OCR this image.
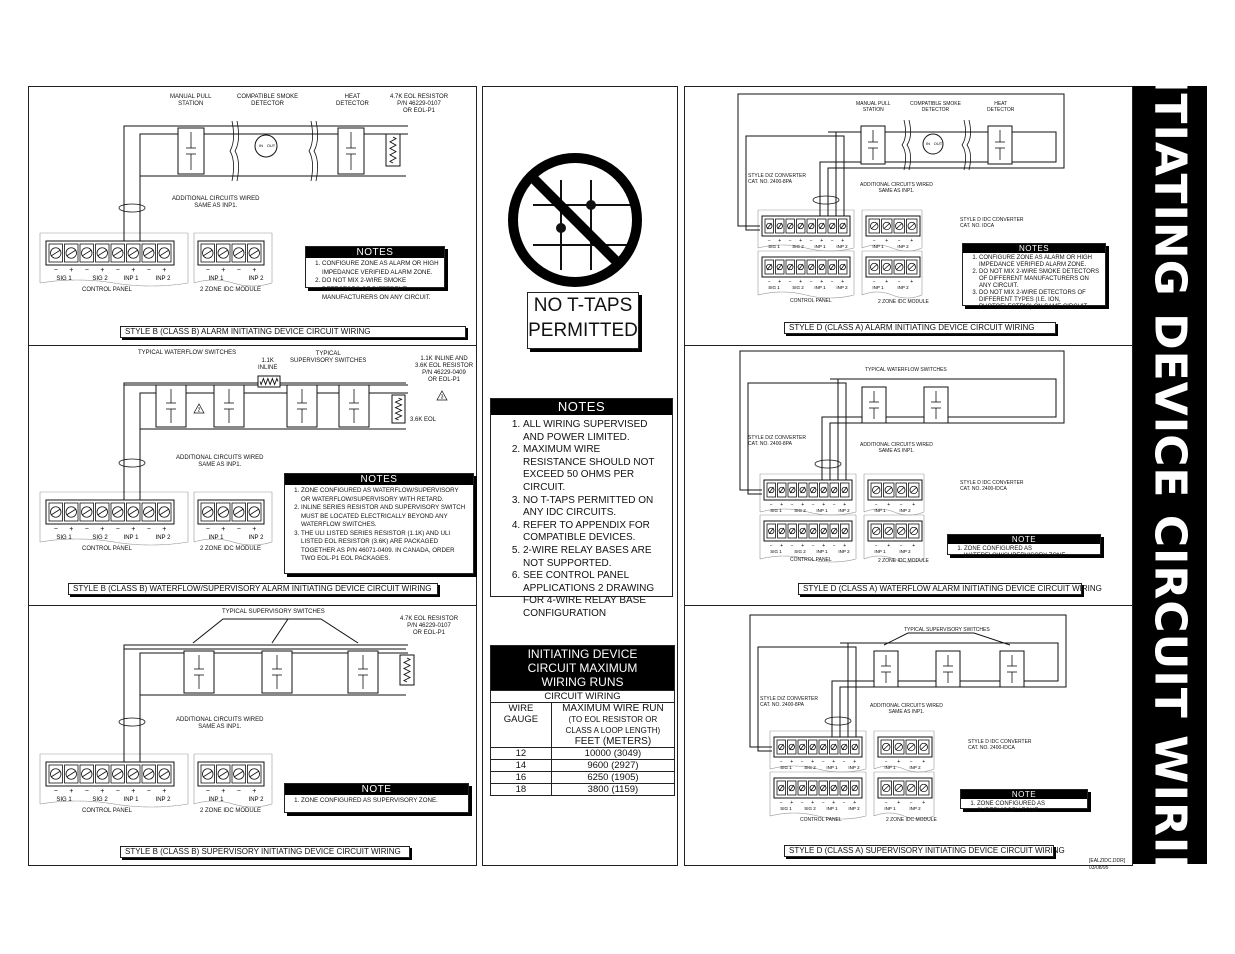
INITIATING DEVICE CIRCUIT WIRING
[EALZIDC.DDR]
03/08/95
NO T-TAPS
PERMITTED
NOTES
1. ALL WIRING SUPERVISED AND POWER LIMITED.
2. MAXIMUM WIRE RESISTANCE SHOULD NOT EXCEED 50 OHMS PER CIRCUIT.
3. NO T-TAPS PERMITTED ON ANY IDC CIRCUITS.
4. REFER TO APPENDIX FOR COMPATIBLE DEVICES.
5. 2-WIRE RELAY BASES ARE NOT SUPPORTED.
6. SEE CONTROL PANEL APPLICATIONS 2 DRAWING FOR 4-WIRE RELAY BASE CONFIGURATION
INITIATING DEVICE CIRCUIT MAXIMUM WIRING RUNS
CIRCUIT WIRING	
WIRE GAUGE	MAXIMUM WIRE RUN
(TO EOL RESISTOR OR
CLASS A LOOP LENGTH)
FEET (METERS)

12	10000 (3049)
14	9600 (2927)
16	6250 (1905)
18	3800 (1159)
− + − + − + − +	− + − +
SIG 1	SIG 2	INP 1	INP 2	INP 1	INP 2
IN OUT
ADDITIONAL CIRCUITS WIRED
SAME AS INP1.
CONTROL PANEL	2 ZONE IDC MODULE
MANUAL PULL
STATION
COMPATIBLE SMOKE
DETECTOR
HEAT
DETECTOR
4.7K EOL RESISTOR
P/N 46229-0107
OR EOL-P1
NOTES
1. CONFIGURE ZONE AS ALARM OR HIGH IMPEDANCE VERIFIED ALARM ZONE.
2. DO NOT MIX 2-WIRE SMOKE DETECTORS OF DIFFERENT MANUFACTURERS ON ANY CIRCUIT.
STYLE B (CLASS B) ALARM INITIATING DEVICE CIRCUIT WIRING
− + − + − + − +	− + − +
SIG 1	SIG 2	INP 1	INP 2	INP 1	INP 2
2
3
ADDITIONAL CIRCUITS WIRED
SAME AS INP1.
CONTROL PANEL	2 ZONE IDC MODULE
TYPICAL WATERFLOW SWITCHES
1.1K
INLINE
TYPICAL
SUPERVISORY SWITCHES	1.1K INLINE AND
3.6K EOL RESISTOR
P/N 46229-0409
OR EOL-P1
3.6K EOL
NOTES
1. ZONE CONFIGURED AS WATERFLOW/SUPERVISORY OR WATERFLOW/SUPERVISORY WITH RETARD.
2. INLINE SERIES RESISTOR AND SUPERVISORY SWITCH MUST BE LOCATED ELECTRICALLY BEYOND ANY WATERFLOW SWITCHES.
3. THE ULI LISTED SERIES RESISTOR (1.1K) AND ULI LISTED EOL RESISTOR (3.6K) ARE PACKAGED TOGETHER AS P/N 46071-0409. IN CANADA, ORDER TWO EOL-P1 EOL PACKAGES.
STYLE B (CLASS B) WATERFLOW/SUPERVISORY ALARM INITIATING DEVICE CIRCUIT WIRING
− + − + − + − +	− + − +
SIG 1	SIG 2	INP 1	INP 2	INP 1	INP 2
ADDITIONAL CIRCUITS WIRED
SAME AS INP1.
CONTROL PANEL	2 ZONE IDC MODULE
TYPICAL SUPERVISORY SWITCHES
4.7K EOL RESISTOR
P/N 46229-0107
OR EOL-P1
NOTE
1. ZONE CONFIGURED AS SUPERVISORY ZONE.
STYLE B (CLASS B) SUPERVISORY INITIATING DEVICE CIRCUIT WIRING
− + − + − + − +	− + − +
SIG 1	SIG 2 INP 1 INP 2	INP 1	INP 2
− + − + − + − +	− + − +
SIG 1	SIG 2 INP 1 INP 2	INP 1	INP 2
IN OUT
MANUAL PULL
STATION
COMPATIBLE SMOKE
DETECTOR
HEAT
DETECTOR
STYLE D/Z CONVERTER
CAT. NO. 2400-8PA
STYLE D IDC CONVERTER
CAT. NO. IDCA
ADDITIONAL CIRCUITS WIRED
SAME AS INP1.
CONTROL PANEL	2 ZONE IDC MODULE
NOTES
1. CONFIGURE ZONE AS ALARM OR HIGH IMPEDANCE VERIFIED ALARM ZONE.
2. DO NOT MIX 2-WIRE SMOKE DETECTORS OF DIFFERENT MANUFACTURERS ON ANY CIRCUIT.
3. DO NOT MIX 2-WIRE DETECTORS OF DIFFERENT TYPES (I.E. ION, PHOTOELECTRIC) ON SAME CIRCUIT.
STYLE D (CLASS A) ALARM INITIATING DEVICE CIRCUIT WIRING
− + − + − + − +	− + − +
SIG 1	SIG 2 INP 1 INP 2	INP 1	INP 2
− + − + − + − +	− + − +
SIG 1	SIG 2 INP 1 INP 2	INP 1	INP 2
TYPICAL WATERFLOW SWITCHES
STYLE D/Z CONVERTER
CAT. NO. 2400-8PA
STYLE D IDC CONVERTER
CAT. NO. 2400-IDCA
ADDITIONAL CIRCUITS WIRED
SAME AS INP1.
CONTROL PANEL	2 ZONE IDC MODULE
NOTE
1. ZONE CONFIGURED AS WATERFLOW/SUPERVISORY ZONE.
STYLE D (CLASS A) WATERFLOW ALARM INITIATING DEVICE CIRCUIT WIRING
− + − + − + − +	− + − +
SIG 1	SIG 2 INP 1 INP 2	INP 1	INP 2
− + − + − + − +	− + − +
SIG 1	SIG 2 INP 1 INP 2	INP 1	INP 2
TYPICAL SUPERVISORY SWITCHES
STYLE D/Z CONVERTER
CAT. NO. 2400-8PA
STYLE D IDC CONVERTER
CAT. NO. 2400-IDCA
ADDITIONAL CIRCUITS WIRED
SAME AS INP1.
CONTROL PANEL	2 ZONE IDC MODULE
NOTE
1. ZONE CONFIGURED AS SUPERVISORY ZONE.
STYLE D (CLASS A) SUPERVISORY INITIATING DEVICE CIRCUIT WIRING
